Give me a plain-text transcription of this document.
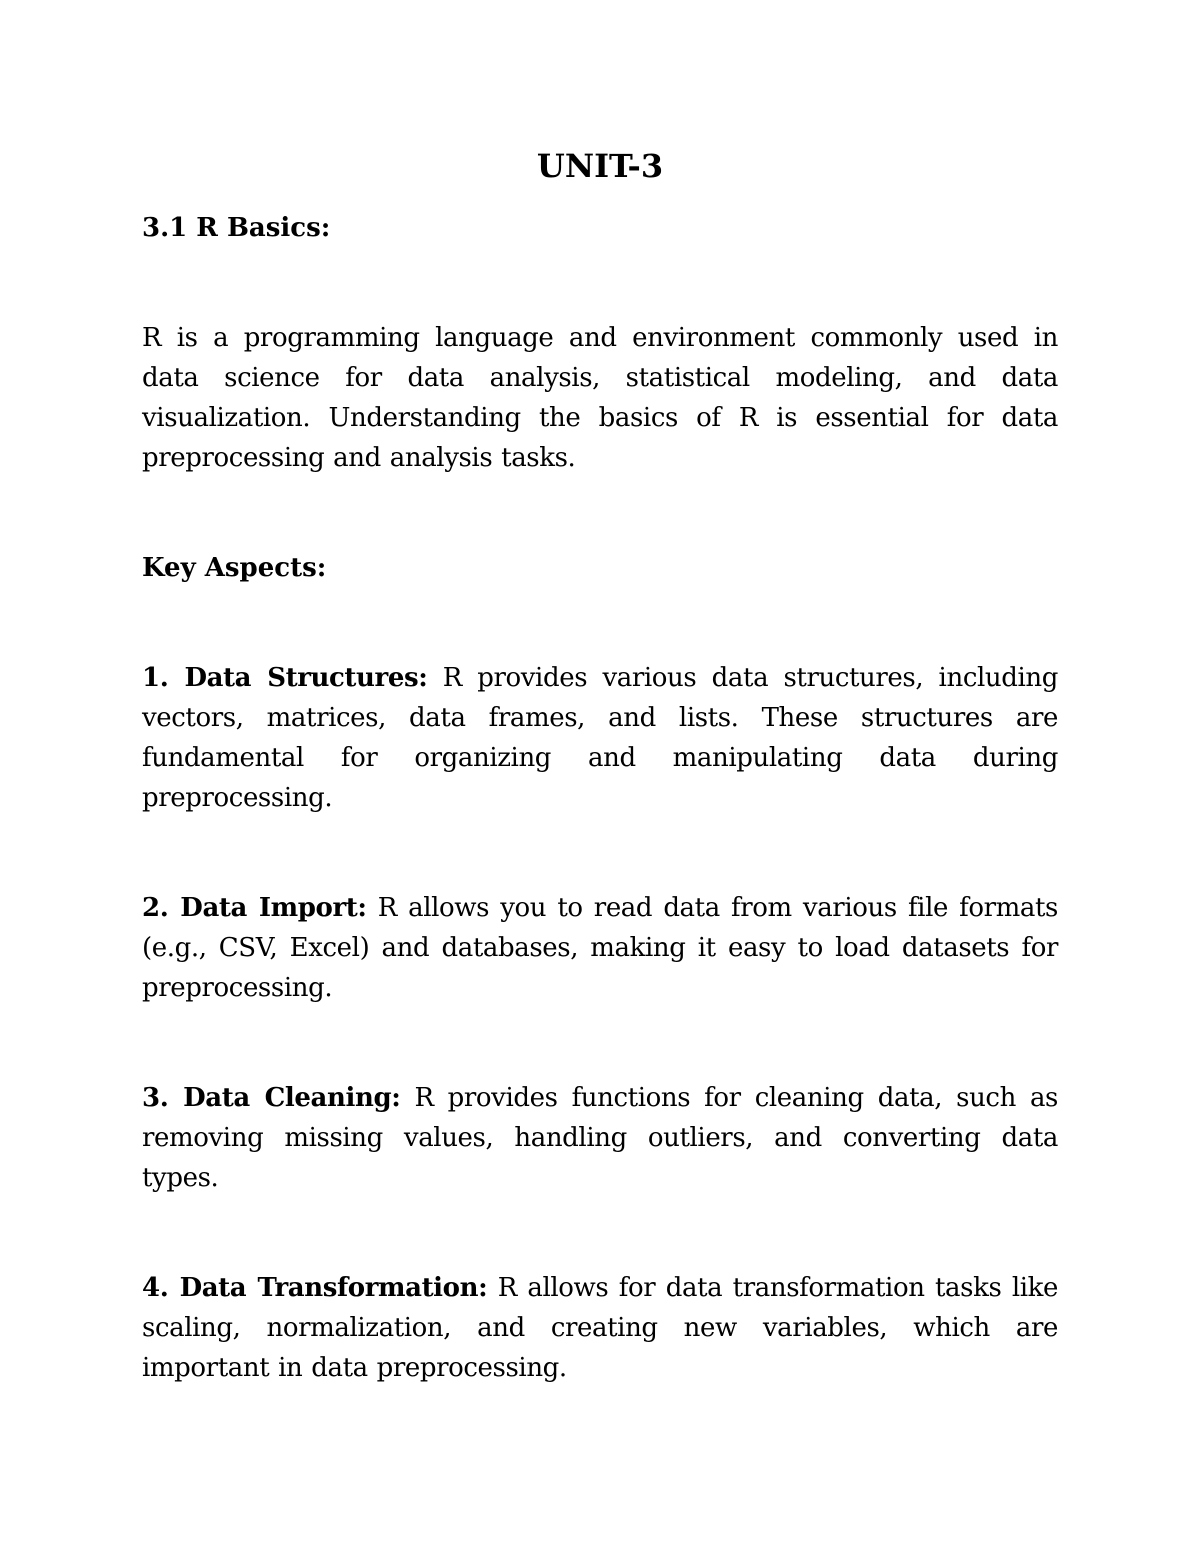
UNIT-3
3.1 R Basics:
R is a programming language and environment commonly used in data science for data analysis, statistical modeling, and data visualization. Understanding the basics of R is essential for data preprocessing and analysis tasks.
Key Aspects:
1. Data Structures: R provides various data structures, including vectors, matrices, data frames, and lists. These structures are fundamental for organizing and manipulating data during preprocessing.
2. Data Import: R allows you to read data from various file formats (e.g., CSV, Excel) and databases, making it easy to load datasets for preprocessing.
3. Data Cleaning: R provides functions for cleaning data, such as removing missing values, handling outliers, and converting data types.
4. Data Transformation: R allows for data transformation tasks like scaling, normalization, and creating new variables, which are important in data preprocessing.
